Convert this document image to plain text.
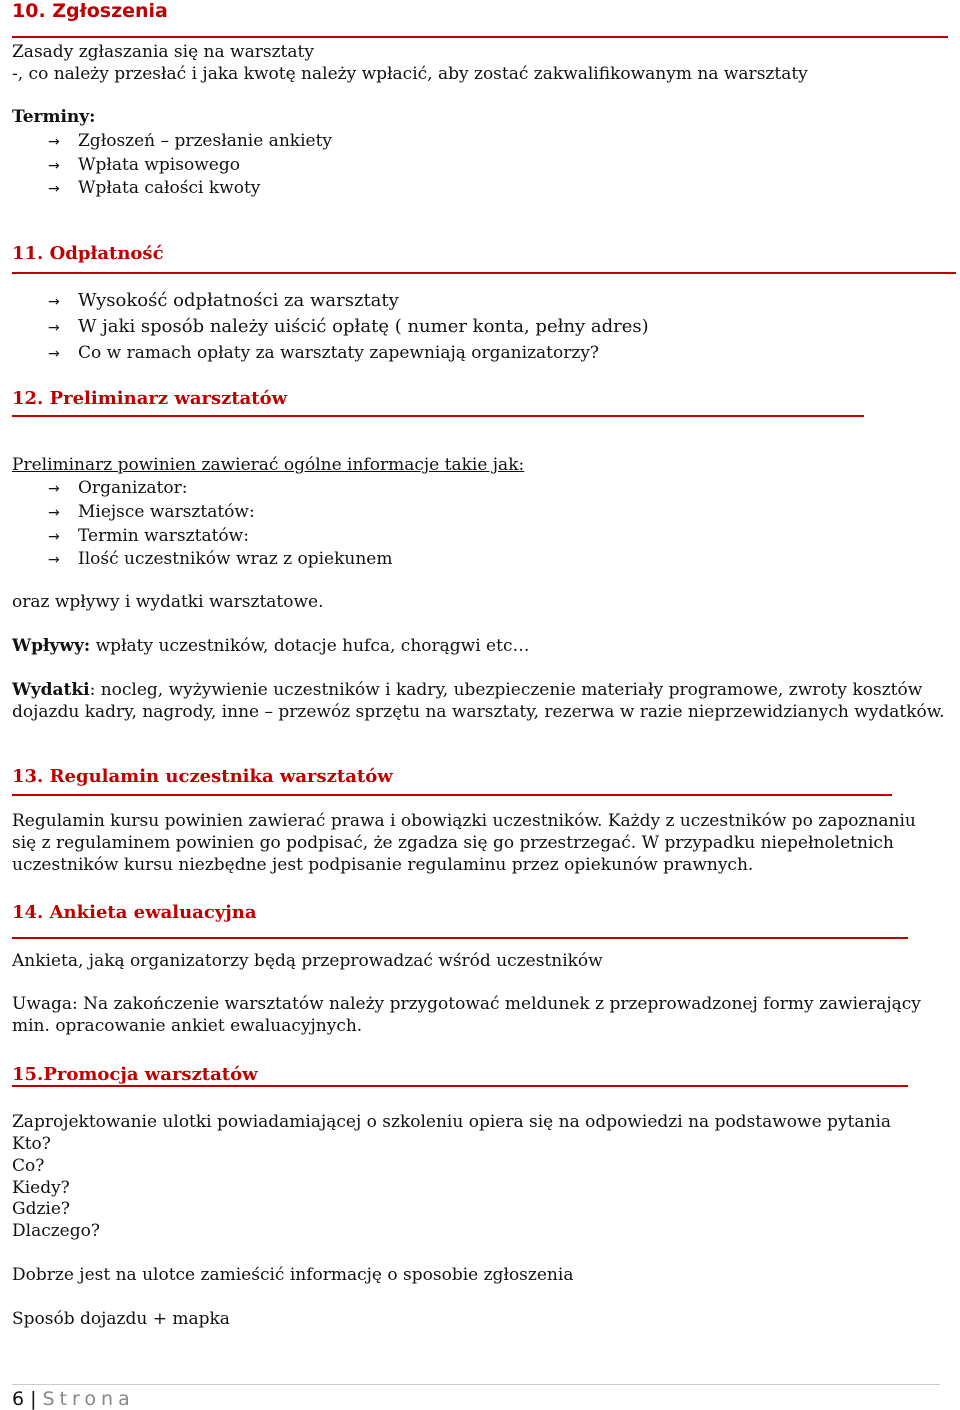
10. Zgłoszenia
Zasady zgłaszania się na warsztaty
-, co należy przesłać i jaka kwotę należy wpłacić, aby zostać zakwalifikowanym na warsztaty
Terminy:
→ Zgłoszeń – przesłanie ankiety
→ Wpłata wpisowego
→ Wpłata całości kwoty
11. Odpłatność
→ Wysokość odpłatności za warsztaty
→ W jaki sposób należy uiścić opłatę ( numer konta, pełny adres)
→ Co w ramach opłaty za warsztaty zapewniają organizatorzy?
12. Preliminarz warsztatów
Preliminarz powinien zawierać ogólne informacje takie jak:
→ Organizator:
→ Miejsce warsztatów:
→ Termin warsztatów:
→ Ilość uczestników wraz z opiekunem
oraz wpływy i wydatki warsztatowe.
Wpływy: wpłaty uczestników, dotacje hufca, chorągwi etc…
Wydatki: nocleg, wyżywienie uczestników i kadry, ubezpieczenie materiały programowe, zwroty kosztów
dojazdu kadry, nagrody, inne – przewóz sprzętu na warsztaty, rezerwa w razie nieprzewidzianych wydatków.
13. Regulamin uczestnika warsztatów
Regulamin kursu powinien zawierać prawa i obowiązki uczestników. Każdy z uczestników po zapoznaniu
się z regulaminem powinien go podpisać, że zgadza się go przestrzegać. W przypadku niepełnoletnich
uczestników kursu niezbędne jest podpisanie regulaminu przez opiekunów prawnych.
14. Ankieta ewaluacyjna
Ankieta, jaką organizatorzy będą przeprowadzać wśród uczestników
Uwaga: Na zakończenie warsztatów należy przygotować meldunek z przeprowadzonej formy zawierający
min. opracowanie ankiet ewaluacyjnych.
15.Promocja warsztatów
Zaprojektowanie ulotki powiadamiającej o szkoleniu opiera się na odpowiedzi na podstawowe pytania
Kto?
Co?
Kiedy?
Gdzie?
Dlaczego?
Dobrze jest na ulotce zamieścić informację o sposobie zgłoszenia
Sposób dojazdu + mapka
6 | Strona
